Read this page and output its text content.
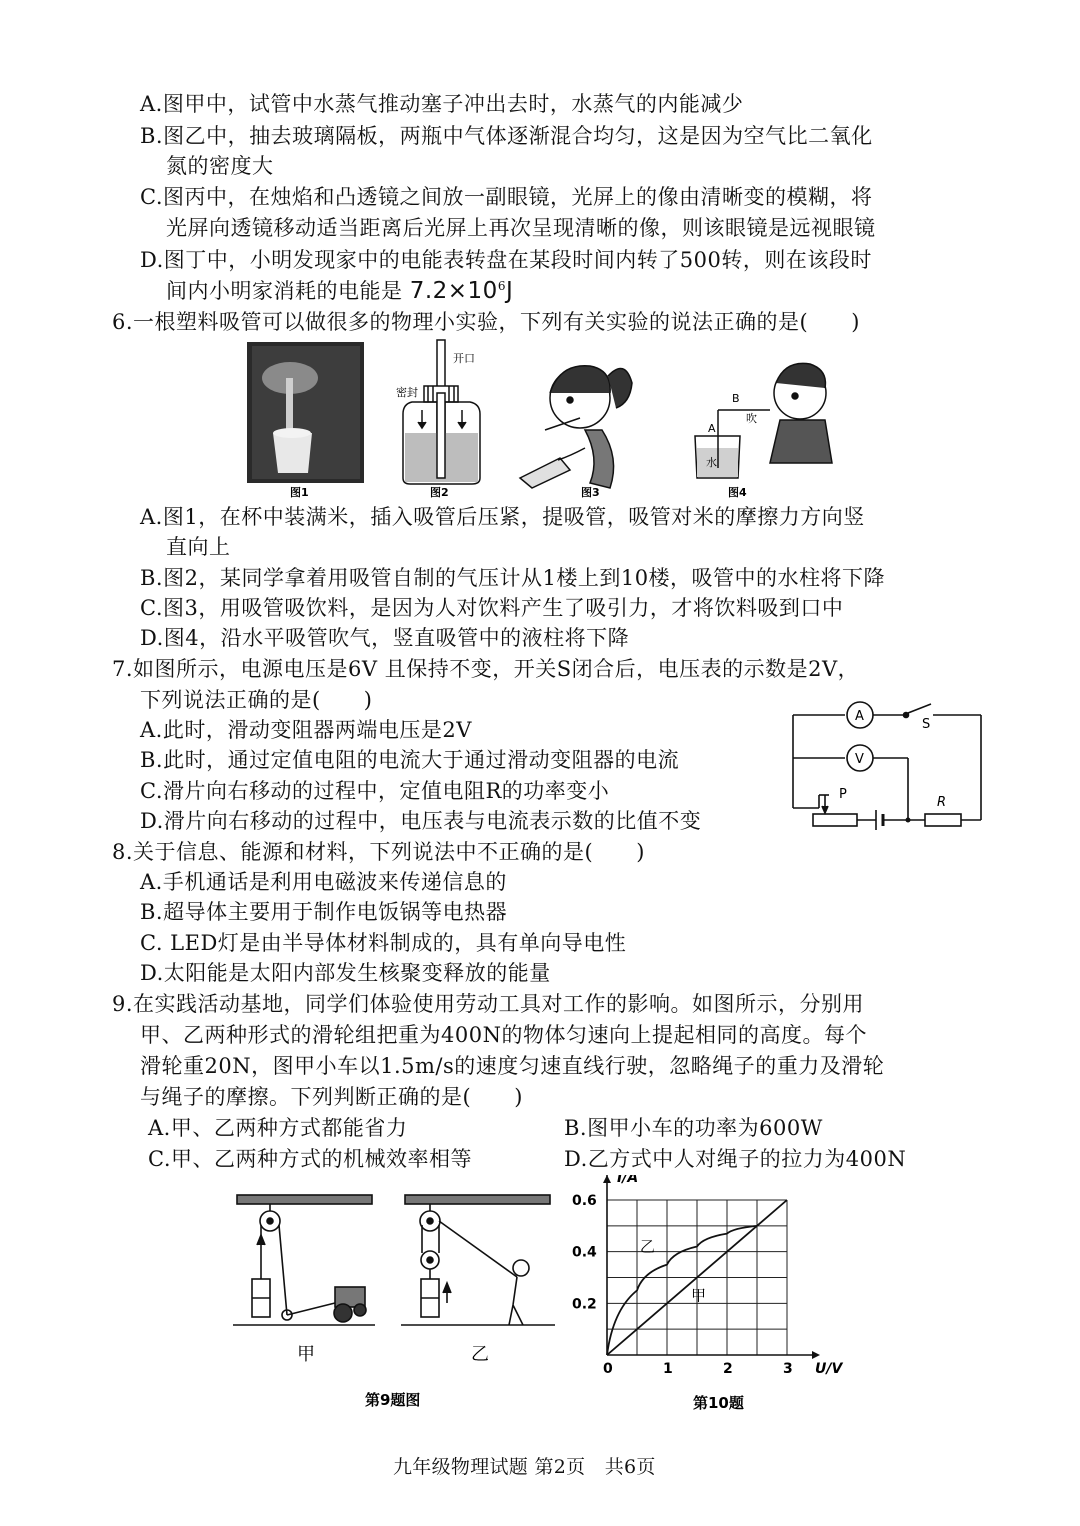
A.图甲中，试管中水蒸气推动塞子冲出去时，水蒸气的内能减少
B.图乙中，抽去玻璃隔板，两瓶中气体逐渐混合均匀，这是因为空气比二氧化
氮的密度大
C.图丙中，在烛焰和凸透镜之间放一副眼镜，光屏上的像由清晰变的模糊，将
光屏向透镜移动适当距离后光屏上再次呈现清晰的像，则该眼镜是远视眼镜
D.图丁中，小明发现家中的电能表转盘在某段时间内转了500转，则在该段时
间内小明家消耗的电能是 $7.2\times 10^6J$
6.一根塑料吸管可以做很多的物理小实验，下列有关实验的说法正确的是(　　)
图1
开口
密封
图2	图3
B
A
吹
水
图4
A.图1，在杯中装满米，插入吸管后压紧，提吸管，吸管对米的摩擦力方向竖
直向上
B.图2，某同学拿着用吸管自制的气压计从1楼上到10楼，吸管中的水柱将下降
C.图3，用吸管吸饮料，是因为人对饮料产生了吸引力，才将饮料吸到口中
D.图4，沿水平吸管吹气，竖直吸管中的液柱将下降
7.如图所示，电源电压是6V 且保持不变，开关S闭合后，电压表的示数是2V，
下列说法正确的是(　　)
A.此时，滑动变阻器两端电压是2V
B.此时，通过定值电阻的电流大于通过滑动变阻器的电流
C.滑片向右移动的过程中，定值电阻R的功率变小
D.滑片向右移动的过程中，电压表与电流表示数的比值不变
A
V
S
P
R
8.关于信息、能源和材料，下列说法中不正确的是(　　)
A.手机通话是利用电磁波来传递信息的
B.超导体主要用于制作电饭锅等电热器
C. LED灯是由半导体材料制成的，具有单向导电性
D.太阳能是太阳内部发生核聚变释放的能量
9.在实践活动基地，同学们体验使用劳动工具对工作的影响。如图所示，分别用
甲、乙两种形式的滑轮组把重为400N的物体匀速向上提起相同的高度。每个
滑轮重20N，图甲小车以1.5m/s的速度匀速直线行驶，忽略绳子的重力及滑轮
与绳子的摩擦。下列判断正确的是(　　)
A.甲、乙两种方式都能省力	B.图甲小车的功率为600W
C.甲、乙两种方式的机械效率相等	D.乙方式中人对绳子的拉力为400N
甲	乙
第9题图	第10题
U/V
I/A
0	1	2	3
0.2
0.4
0.6
甲
乙
九年级物理试题 第2页　共6页
